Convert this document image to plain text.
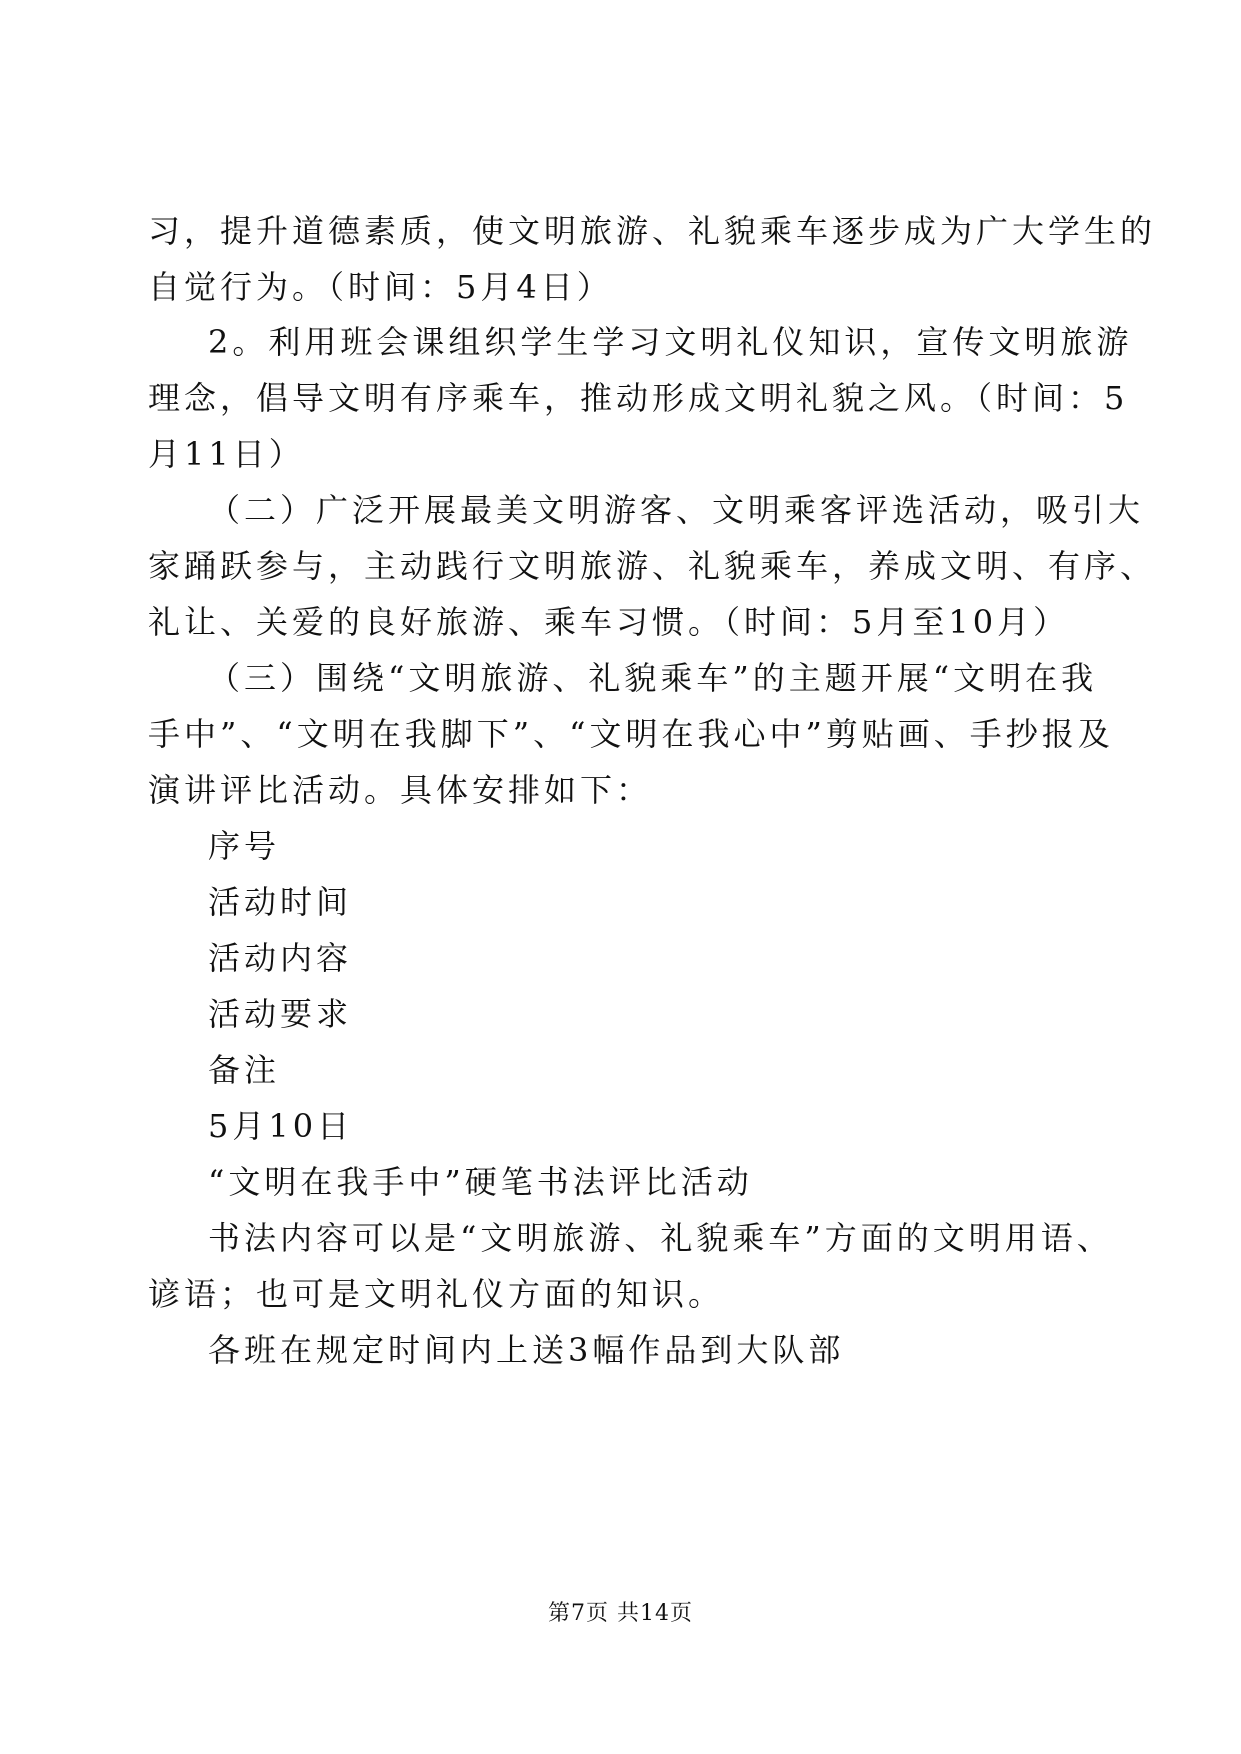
习，提升道德素质，使文明旅游、礼貌乘车逐步成为广大学生的
自觉行为。（时间：5月4日）
2。利用班会课组织学生学习文明礼仪知识，宣传文明旅游
理念，倡导文明有序乘车，推动形成文明礼貌之风。（时间：5
月11日）
（二）广泛开展最美文明游客、文明乘客评选活动，吸引大
家踊跃参与，主动践行文明旅游、礼貌乘车，养成文明、有序、
礼让、关爱的良好旅游、乘车习惯。（时间：5月至10月）
（三）围绕“文明旅游、礼貌乘车”的主题开展“文明在我
手中”、“文明在我脚下”、“文明在我心中”剪贴画、手抄报及
演讲评比活动。具体安排如下：
序号
活动时间
活动内容
活动要求
备注
5月10日
“文明在我手中”硬笔书法评比活动
书法内容可以是“文明旅游、礼貌乘车”方面的文明用语、
谚语；也可是文明礼仪方面的知识。
各班在规定时间内上送3幅作品到大队部
第7页 共14页
